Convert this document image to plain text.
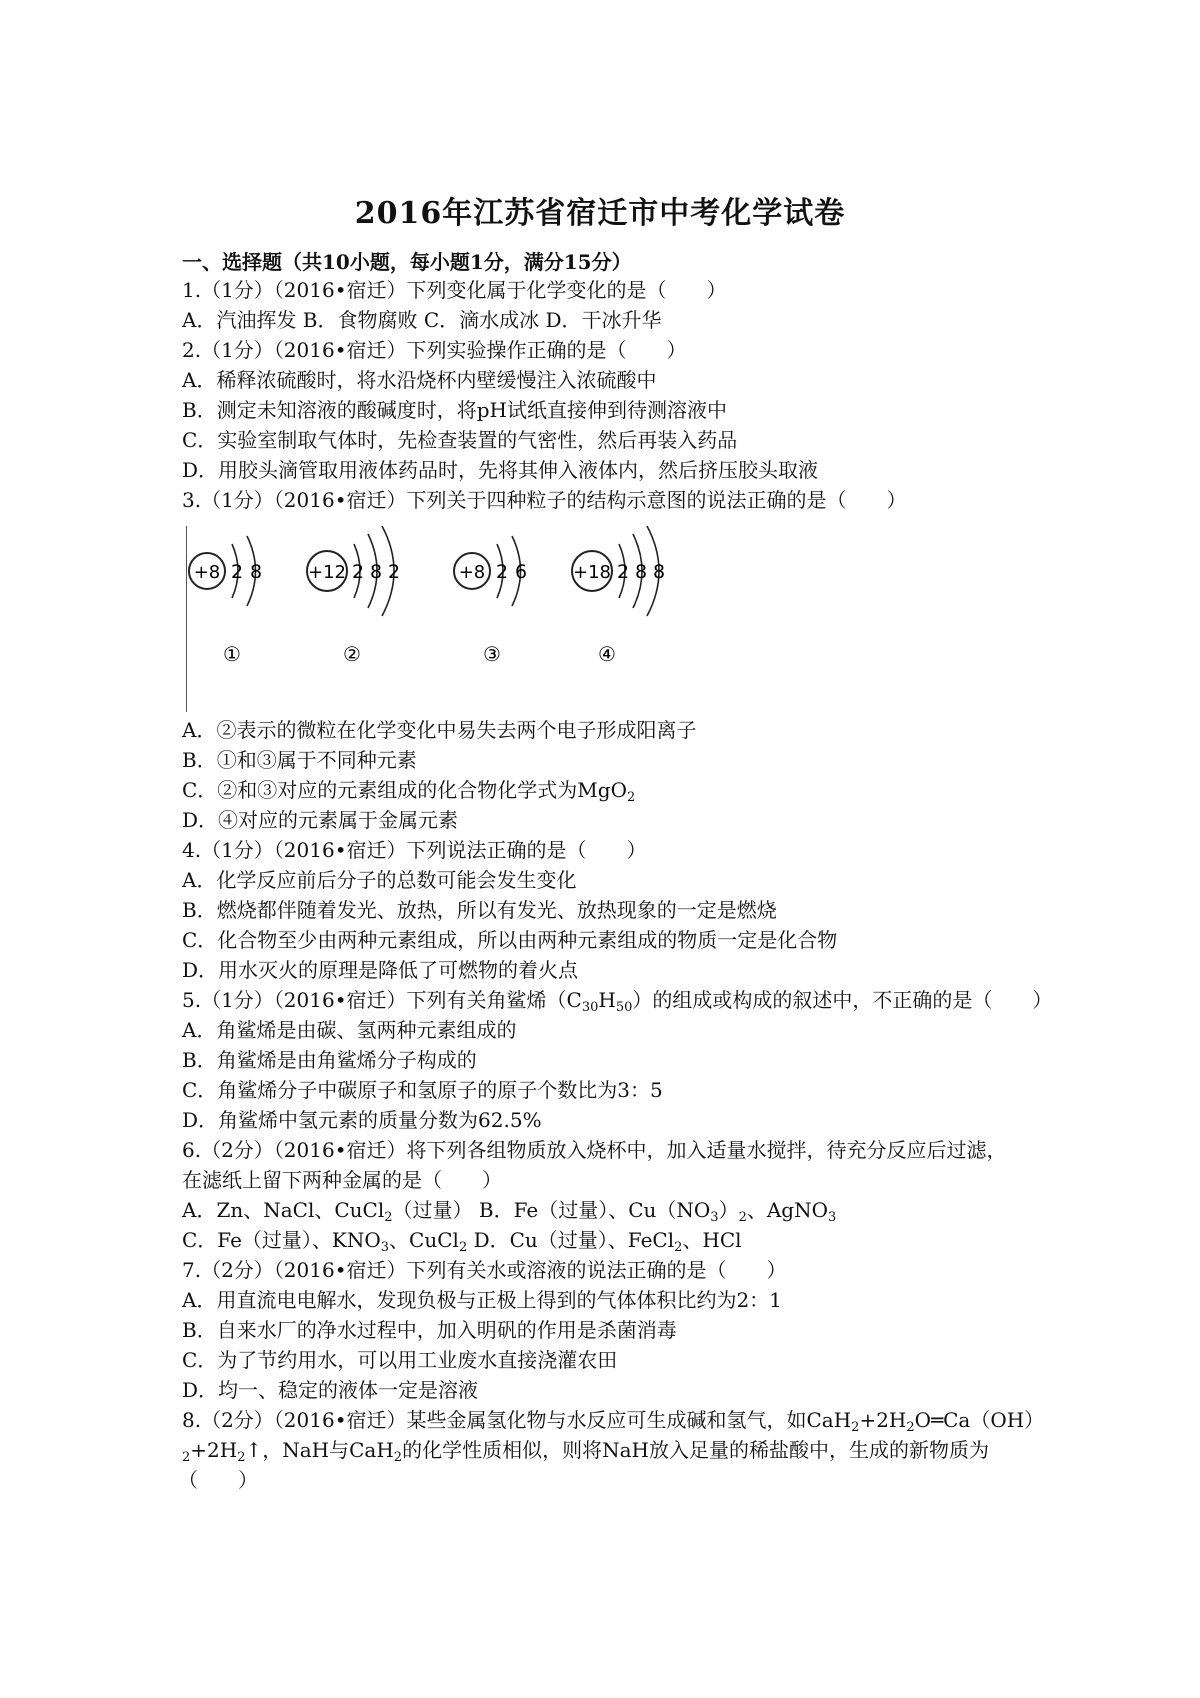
2016年江苏省宿迁市中考化学试卷
一、选择题（共10小题，每小题1分，满分15分）
1.（1分）（2016•宿迁）下列变化属于化学变化的是（　　）
A．汽油挥发 B．食物腐败 C．滴水成冰 D．干冰升华
2.（1分）（2016•宿迁）下列实验操作正确的是（　　）
A．稀释浓硫酸时，将水沿烧杯内壁缓慢注入浓硫酸中
B．测定未知溶液的酸碱度时，将pH试纸直接伸到待测溶液中
C．实验室制取气体时，先检查装置的气密性，然后再装入药品
D．用胶头滴管取用液体药品时，先将其伸入液体内，然后挤压胶头取液
3.（1分）（2016•宿迁）下列关于四种粒子的结构示意图的说法正确的是（　　）
+8 2 8
①
+12 2 8 2
②
+8 2 6
③
+18 2 8 8
④
A．②表示的微粒在化学变化中易失去两个电子形成阳离子
B．①和③属于不同种元素
C．②和③对应的元素组成的化合物化学式为MgO$_2$
D．④对应的元素属于金属元素
4.（1分）（2016•宿迁）下列说法正确的是（　　）
A．化学反应前后分子的总数可能会发生变化
B．燃烧都伴随着发光、放热，所以有发光、放热现象的一定是燃烧
C．化合物至少由两种元素组成，所以由两种元素组成的物质一定是化合物
D．用水灭火的原理是降低了可燃物的着火点
5.（1分）（2016•宿迁）下列有关角鲨烯$(C_{30}H_{50})$的组成或构成的叙述中，不正确的是（　　）
A．角鲨烯是由碳、氢两种元素组成的
B．角鲨烯是由角鲨烯分子构成的
C．角鲨烯分子中碳原子和氢原子的原子个数比为3：5
D．角鲨烯中氢元素的质量分数为62.5%
6.（2分）（2016•宿迁）将下列各组物质放入烧杯中，加入适量水搅拌，待充分反应后过滤，
在滤纸上留下两种金属的是（　　）
A．Zn、NaCl、CuCl$_2$（过量） B．Fe（过量）、$Cu(NO_3)_2$、AgNO$_3$
C．Fe（过量）、$KNO_3$、CuCl$_2$ D．Cu（过量）、FeCl$_2$、HCl
7.（2分）（2016•宿迁）下列有关水或溶液的说法正确的是（　　）
A．用直流电电解水，发现负极与正极上得到的气体体积比约为2：1
B．自来水厂的净水过程中，加入明矾的作用是杀菌消毒
C．为了节约用水，可以用工业废水直接浇灌农田
D．均一、稳定的液体一定是溶液
8.（2分）（2016•宿迁）某些金属氢化物与水反应可生成碱和氢气，如$CaH_2+2H_2O═Ca(OH)$
$_2+2H_2↑$，NaH与CaH$_2$的化学性质相似，则将NaH放入足量的稀盐酸中，生成的新物质为
（　　）
